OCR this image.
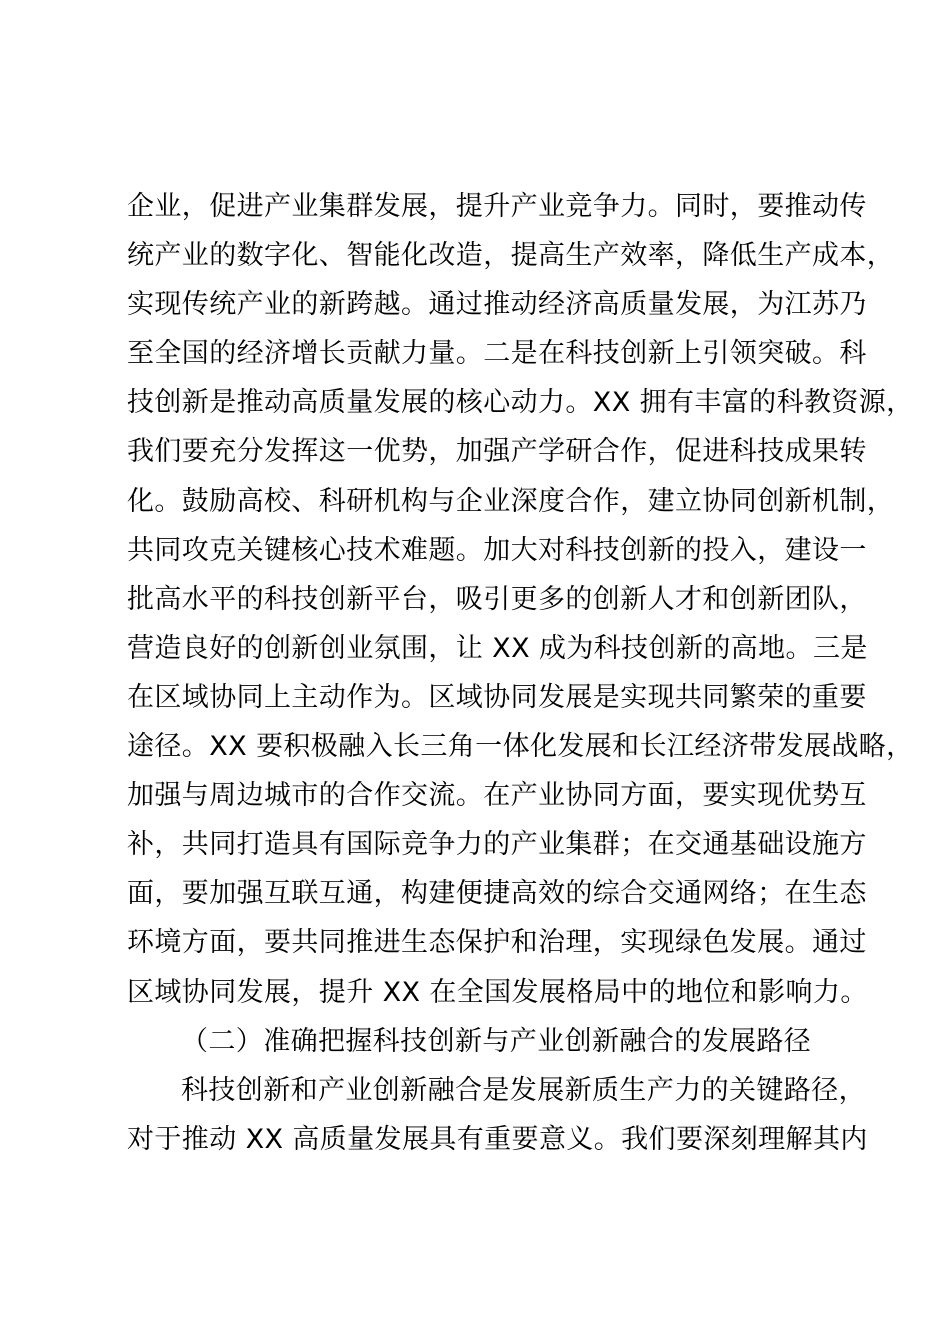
企业，促进产业集群发展，提升产业竞争力。同时，要推动传
统产业的数字化、智能化改造，提高生产效率，降低生产成本，
实现传统产业的新跨越。通过推动经济高质量发展，为江苏乃
至全国的经济增长贡献力量。二是在科技创新上引领突破。科
技创新是推动高质量发展的核心动力。XX 拥有丰富的科教资源，
我们要充分发挥这一优势，加强产学研合作，促进科技成果转
化。鼓励高校、科研机构与企业深度合作，建立协同创新机制，
共同攻克关键核心技术难题。加大对科技创新的投入，建设一
批高水平的科技创新平台，吸引更多的创新人才和创新团队，
营造良好的创新创业氛围，让 XX 成为科技创新的高地。三是
在区域协同上主动作为。区域协同发展是实现共同繁荣的重要
途径。XX 要积极融入长三角一体化发展和长江经济带发展战略，
加强与周边城市的合作交流。在产业协同方面，要实现优势互
补，共同打造具有国际竞争力的产业集群；在交通基础设施方
面，要加强互联互通，构建便捷高效的综合交通网络；在生态
环境方面，要共同推进生态保护和治理，实现绿色发展。通过
区域协同发展，提升 XX 在全国发展格局中的地位和影响力。
（二）准确把握科技创新与产业创新融合的发展路径
科技创新和产业创新融合是发展新质生产力的关键路径，
对于推动 XX 高质量发展具有重要意义。我们要深刻理解其内
